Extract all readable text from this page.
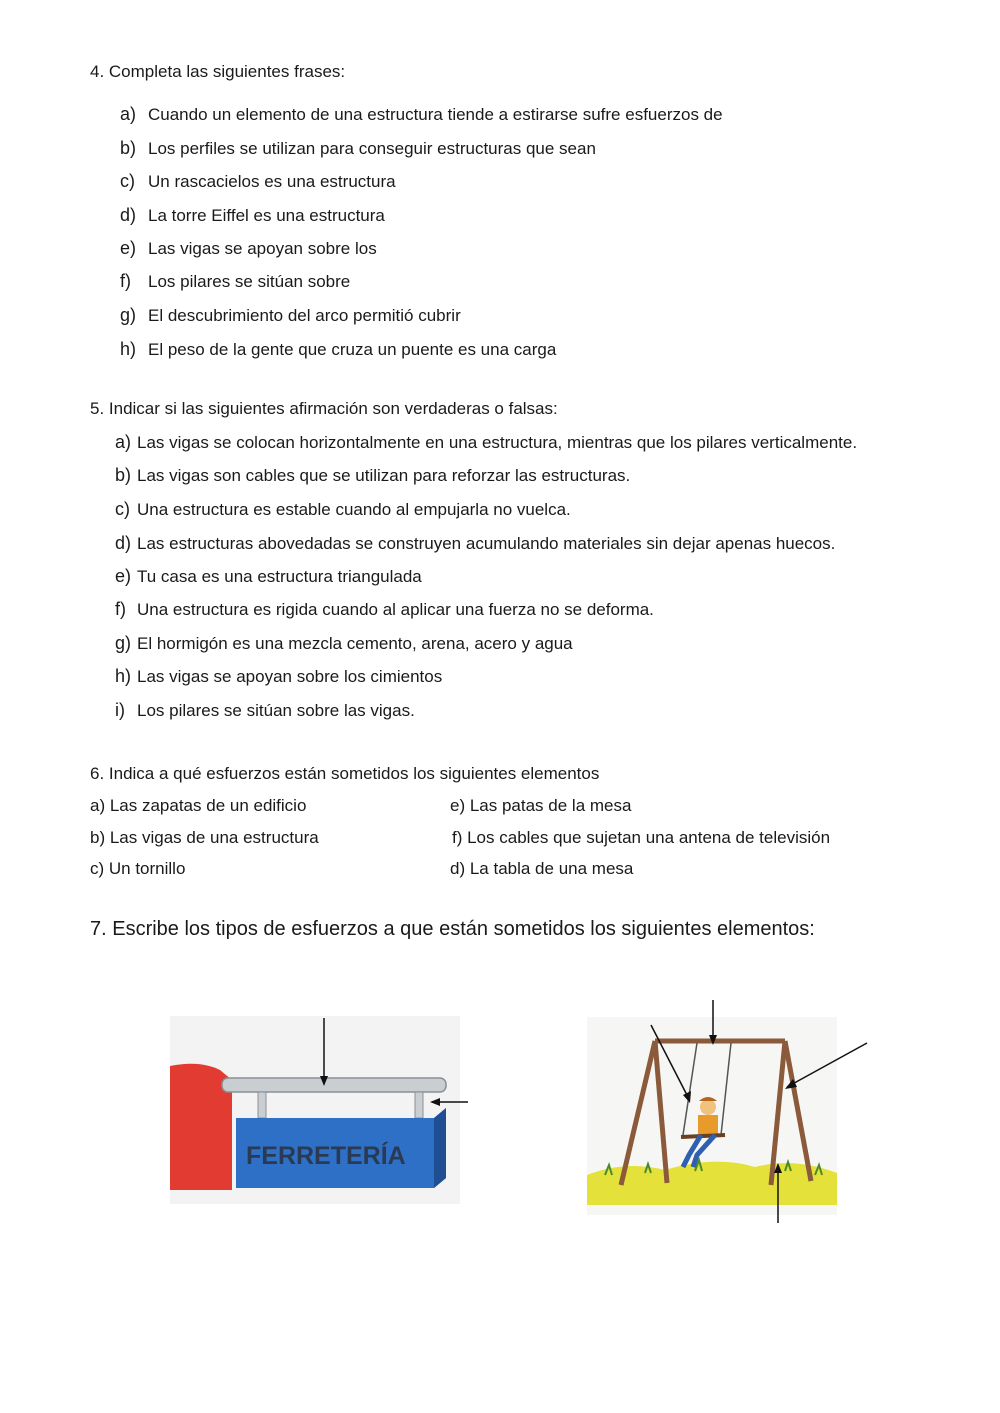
4. Completa las siguientes frases:
a) Cuando un elemento de una estructura tiende a estirarse sufre esfuerzos de
b) Los perfiles se utilizan para conseguir estructuras que sean
c) Un rascacielos es una estructura
d) La torre Eiffel es una estructura
e) Las vigas se apoyan sobre los
f) Los pilares se sitúan sobre
g) El descubrimiento del arco permitió cubrir
h) El peso de la gente que cruza un puente es una carga
5. Indicar si las siguientes afirmación son verdaderas o falsas:
a) Las vigas se colocan horizontalmente en una estructura, mientras que los pilares verticalmente.
b) Las vigas son cables que se utilizan para reforzar las estructuras.
c) Una estructura es estable cuando al empujarla no vuelca.
d) Las estructuras abovedadas se construyen acumulando materiales sin dejar apenas huecos.
e) Tu casa es una estructura triangulada
f) Una estructura es rigida cuando al aplicar una fuerza no se deforma.
g) El hormigón es una mezcla cemento, arena, acero y agua
h) Las vigas se apoyan sobre los cimientos
i) Los pilares se sitúan sobre las vigas.
6. Indica a qué esfuerzos están sometidos los siguientes elementos
a) Las zapatas de un edificio
b) Las vigas de una estructura
c) Un tornillo
e) Las patas de la mesa
f) Los cables que sujetan una antena de televisión
d) La tabla de una mesa
7. Escribe los tipos de esfuerzos a que están sometidos los siguientes elementos:
FERRETERÍA
